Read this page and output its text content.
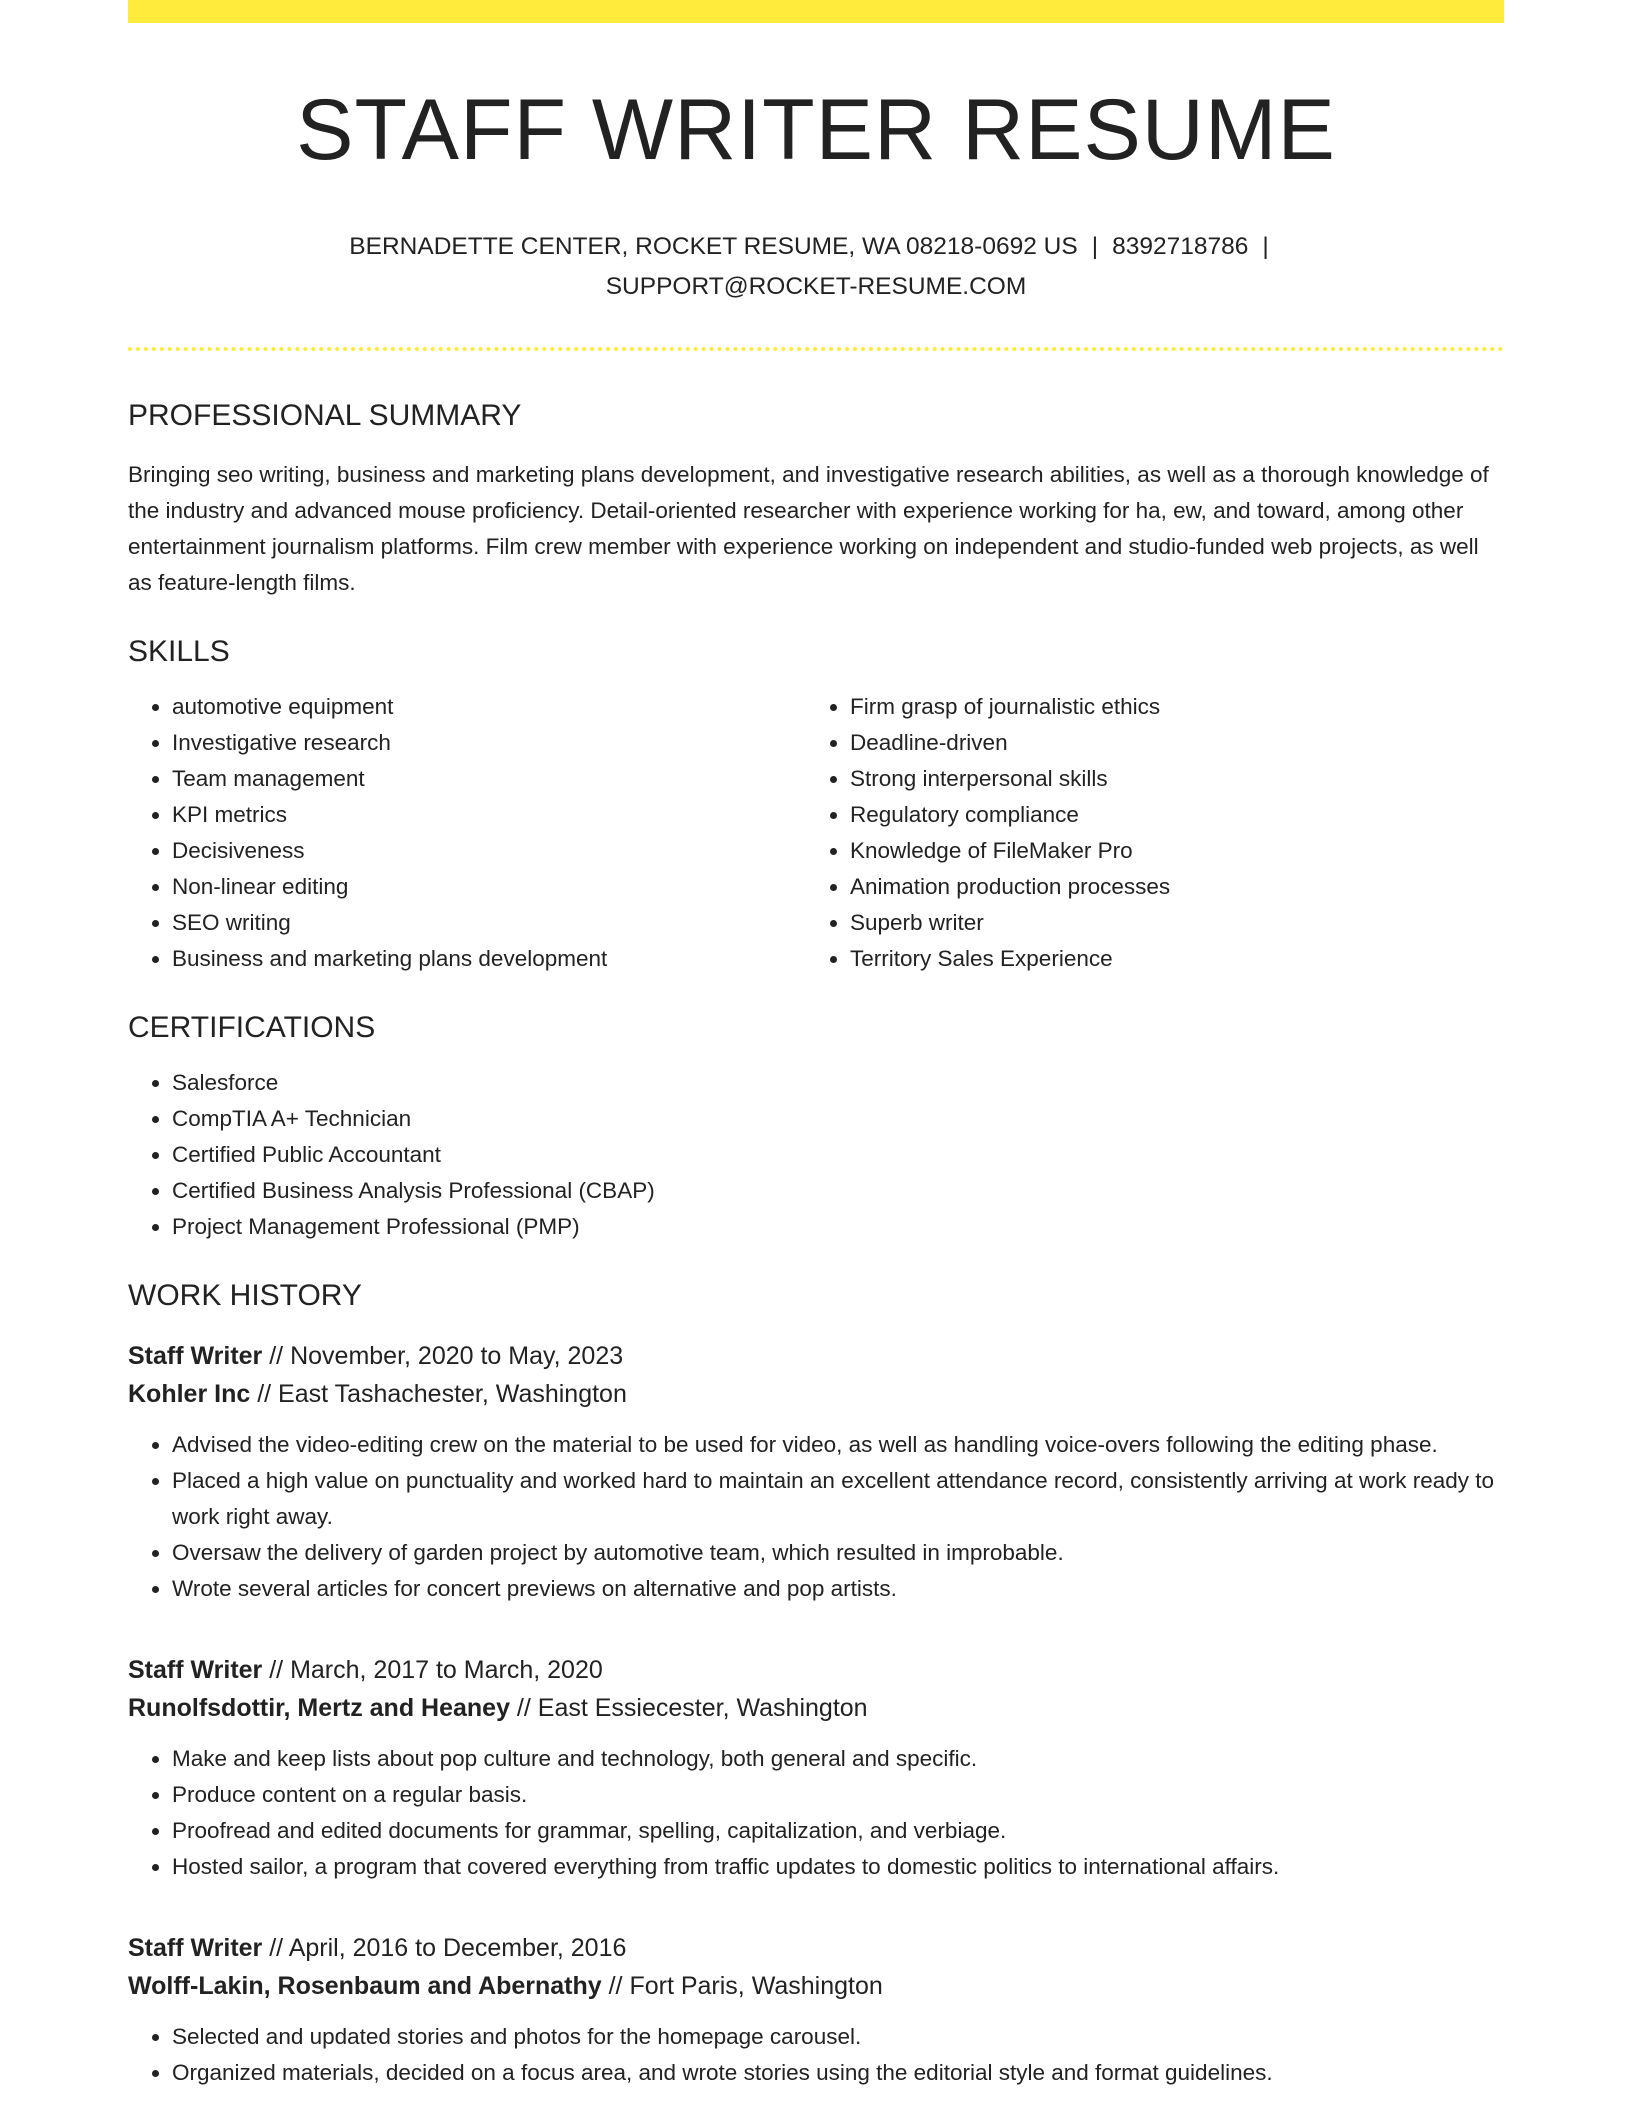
STAFF WRITER RESUME
BERNADETTE CENTER, ROCKET RESUME, WA 08218-0692 US | 8392718786 |
SUPPORT@ROCKET-RESUME.COM
PROFESSIONAL SUMMARY

Bringing seo writing, business and marketing plans development, and investigative research abilities, as well as a thorough knowledge of the industry and advanced mouse proficiency. Detail-oriented researcher with experience working for ha, ew, and toward, among other entertainment journalism platforms. Film crew member with experience working on independent and studio-funded web projects, as well as feature-length films.

SKILLS
• automotive equipment
• Investigative research
• Team management
• KPI metrics
• Decisiveness
• Non-linear editing
• SEO writing
• Business and marketing plans development
• Firm grasp of journalistic ethics
• Deadline-driven
• Strong interpersonal skills
• Regulatory compliance
• Knowledge of FileMaker Pro
• Animation production processes
• Superb writer
• Territory Sales Experience
CERTIFICATIONS
• Salesforce
• CompTIA A+ Technician
• Certified Public Accountant
• Certified Business Analysis Professional (CBAP)
• Project Management Professional (PMP)
WORK HISTORY
Staff Writer // November, 2020 to May, 2023
Kohler Inc // East Tashachester, Washington
• Advised the video-editing crew on the material to be used for video, as well as handling voice-overs following the editing phase.
• Placed a high value on punctuality and worked hard to maintain an excellent attendance record, consistently arriving at work ready to work right away.
• Oversaw the delivery of garden project by automotive team, which resulted in improbable.
• Wrote several articles for concert previews on alternative and pop artists.
Staff Writer // March, 2017 to March, 2020
Runolfsdottir, Mertz and Heaney // East Essiecester, Washington
• Make and keep lists about pop culture and technology, both general and specific.
• Produce content on a regular basis.
• Proofread and edited documents for grammar, spelling, capitalization, and verbiage.
• Hosted sailor, a program that covered everything from traffic updates to domestic politics to international affairs.
Staff Writer // April, 2016 to December, 2016
Wolff-Lakin, Rosenbaum and Abernathy // Fort Paris, Washington
• Selected and updated stories and photos for the homepage carousel.
• Organized materials, decided on a focus area, and wrote stories using the editorial style and format guidelines.
